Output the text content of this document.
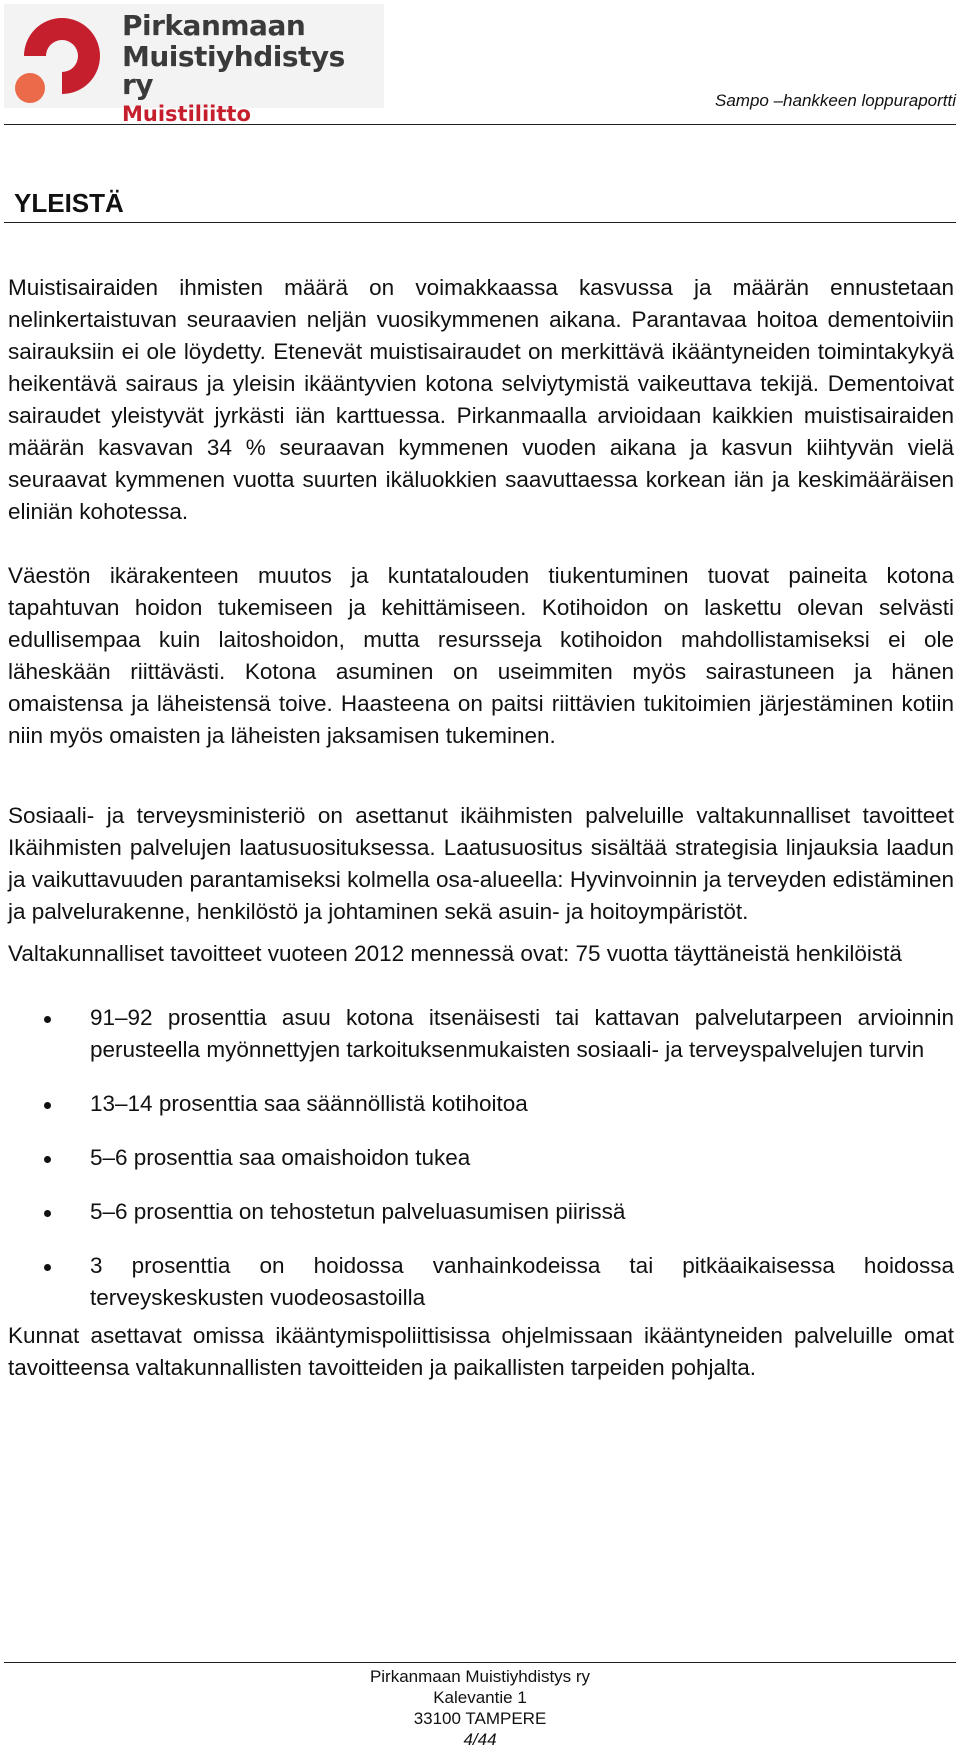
Pirkanmaan
Muistiyhdistys ry
Muistiliitto
Sampo –hankkeen loppuraportti
YLEISTÄ

Muistisairaiden ihmisten määrä on voimakkaassa kasvussa ja määrän ennustetaan nelinkertaistuvan seuraavien neljän vuosikymmenen aikana. Parantavaa hoitoa dementoiviin sairauksiin ei ole löydetty. Etenevät muistisairaudet on merkittävä ikääntyneiden toimintakykyä heikentävä sairaus ja yleisin ikääntyvien kotona selviytymistä vaikeuttava tekijä. Dementoivat sairaudet yleistyvät jyrkästi iän karttuessa. Pirkanmaalla arvioidaan kaikkien muistisairaiden määrän kasvavan 34 % seuraavan kymmenen vuoden aikana ja kasvun kiihtyvän vielä seuraavat kymmenen vuotta suurten ikäluokkien saavuttaessa korkean iän ja keskimääräisen eliniän kohotessa.

Väestön ikärakenteen muutos ja kuntatalouden tiukentuminen tuovat paineita kotona tapahtuvan hoidon tukemiseen ja kehittämiseen. Kotihoidon on laskettu olevan selvästi edullisempaa kuin laitoshoidon, mutta resursseja kotihoidon mahdollistamiseksi ei ole läheskään riittävästi. Kotona asuminen on useimmiten myös sairastuneen ja hänen omaistensa ja läheistensä toive. Haasteena on paitsi riittävien tukitoimien järjestäminen kotiin niin myös omaisten ja läheisten jaksamisen tukeminen.

Sosiaali- ja terveysministeriö on asettanut ikäihmisten palveluille valtakunnalliset tavoitteet Ikäihmisten palvelujen laatusuosituksessa. Laatusuositus sisältää strategisia linjauksia laadun ja vaikuttavuuden parantamiseksi kolmella osa-alueella: Hyvinvoinnin ja terveyden edistäminen ja palvelurakenne, henkilöstö ja johtaminen sekä asuin- ja hoitoympäristöt.

Valtakunnalliset tavoitteet vuoteen 2012 mennessä ovat: 75 vuotta täyttäneistä henkilöistä

91–92 prosenttia asuu kotona itsenäisesti tai kattavan palvelutarpeen arvioinnin perusteella myönnettyjen tarkoituksenmukaisten sosiaali- ja terveyspalvelujen turvin
13–14 prosenttia saa säännöllistä kotihoitoa
5–6 prosenttia saa omaishoidon tukea
5–6 prosenttia on tehostetun palveluasumisen piirissä
3 prosenttia on hoidossa vanhainkodeissa tai pitkäaikaisessa hoidossa terveyskeskusten vuodeosastoilla

Kunnat asettavat omissa ikääntymispoliittisissa ohjelmissaan ikääntyneiden palveluille omat tavoitteensa valtakunnallisten tavoitteiden ja paikallisten tarpeiden pohjalta.

Pirkanmaan Muistiyhdistys ry
Kalevantie 1
33100 TAMPERE
4/44
